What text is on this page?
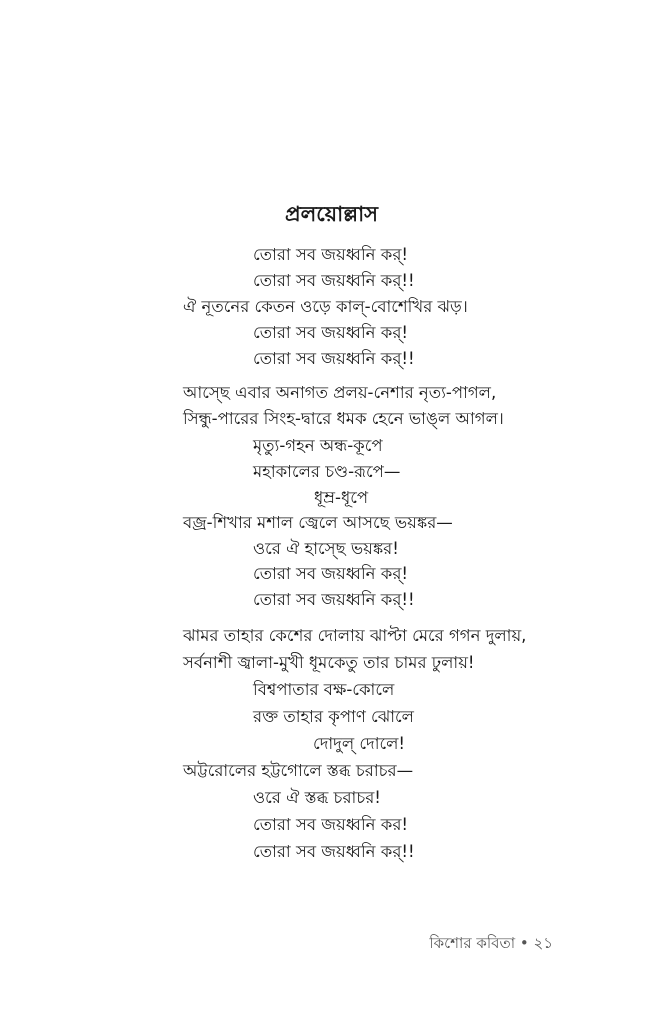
প্রলয়োল্লাস
তোরা সব জয়ধ্বনি কর্!
তোরা সব জয়ধ্বনি কর্!!
ঐ নূতনের কেতন ওড়ে কাল্-বোশেখির ঝড়।
তোরা সব জয়ধ্বনি কর্!
তোরা সব জয়ধ্বনি কর্!!
আস্ছে এবার অনাগত প্রলয়-নেশার নৃত্য-পাগল,
সিন্ধু-পারের সিংহ-দ্বারে ধমক হেনে ভাঙ্ল আগল।
মৃত্যু-গহন অন্ধ-কূপে
মহাকালের চণ্ড-রূপে—
ধূম্র-ধূপে
বজ্র-শিখার মশাল জ্বেলে আসছে ভয়ঙ্কর—
ওরে ঐ হাস্ছে ভয়ঙ্কর!
তোরা সব জয়ধ্বনি কর্!
তোরা সব জয়ধ্বনি কর্!!
ঝামর তাহার কেশের দোলায় ঝাপ্টা মেরে গগন দুলায়,
সর্বনাশী জ্বালা-মুখী ধূমকেতু তার চামর ঢুলায়!
বিশ্বপাতার বক্ষ-কোলে
রক্ত তাহার কৃপাণ ঝোলে
দোদুল্ দোলে!
অট্টরোলের হট্টগোলে স্তব্ধ চরাচর—
ওরে ঐ স্তব্ধ চরাচর!
তোরা সব জয়ধ্বনি কর!
তোরা সব জয়ধ্বনি কর্!!
কিশোর কবিতা • ২১
